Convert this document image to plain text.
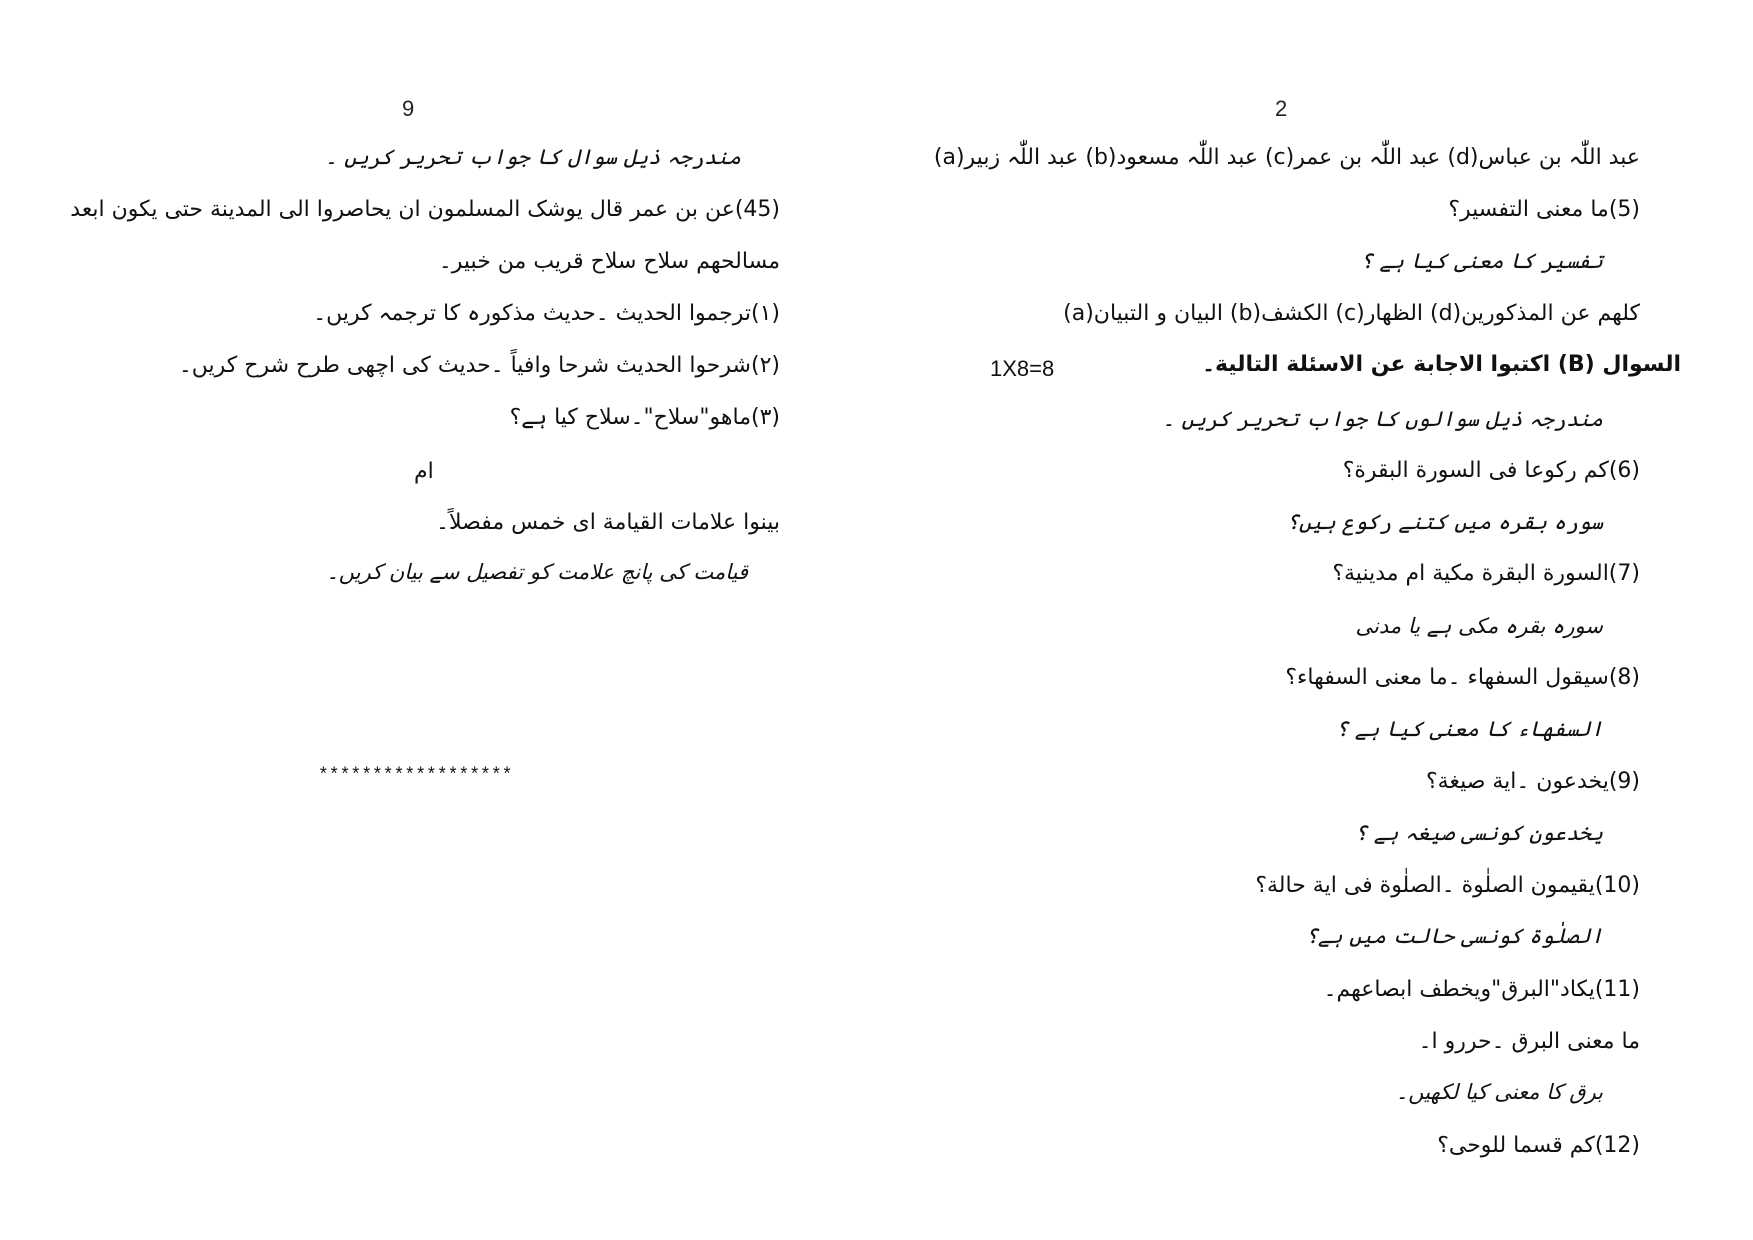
9
مندرجہ ذیل سوال کا جواب تحریر کریں ۔
(45)عن بن عمر قال یوشک المسلمون ان یحاصروا الی المدینة حتی یکون ابعد
مسالحھم سلاح سلاح قریب من خبیر۔
(۱)ترجموا الحدیث ۔حدیث مذکورہ کا ترجمہ کریں۔
(۲)شرحوا الحدیث شرحا وافیاً ۔حدیث کی اچھی طرح شرح کریں۔
(۳)ماھو"سلاح"۔سلاح کیا ہے؟
ام
بینوا علامات القیامة ای خمس مفصلاً۔
قیامت کی پانچ علامت کو تفصیل سے بیان کریں۔
******************
2
(a)عبد اللّٰہ زبیر (b)عبد اللّٰہ مسعود (c)عبد اللّٰہ بن عمر (d)عبد اللّٰہ بن عباس
(5)ما معنی التفسیر؟
تفسیر کا معنی کیا ہے ؟
(a)البیان و التبیان (b)الکشف (c)الظھار (d)کلھم عن المذکورین
السوال (B) اکتبوا الاجابة عن الاسئلة التالیة۔
1X8=8
مندرجہ ذیل سوالوں کا جواب تحریر کریں ۔
(6)کم رکوعا فی السورة البقرة؟
سورہ بقرہ میں کتنے رکوع ہیں؟
(7)السورة البقرة مکیة ام مدینیة؟
سورہ بقرہ مکی ہے یا مدنی
(8)سیقول السفھاء ۔ما معنی السفھاء؟
السفھاء کا معنی کیا ہے ؟
(9)یخدعون ۔ایة صیغة؟
یخدعون کونسی صیغہ ہے ؟
(10)یقیمون الصلٰوة ۔الصلٰوة فی ایة حالة؟
الصلٰوة کونسی حالت میں ہے؟
(11)یکاد"البرق"ویخطف ابصاعھم۔
ما معنی البرق ۔حررو ا۔
برق کا معنی کیا لکھیں۔
(12)کم قسما للوحی؟
